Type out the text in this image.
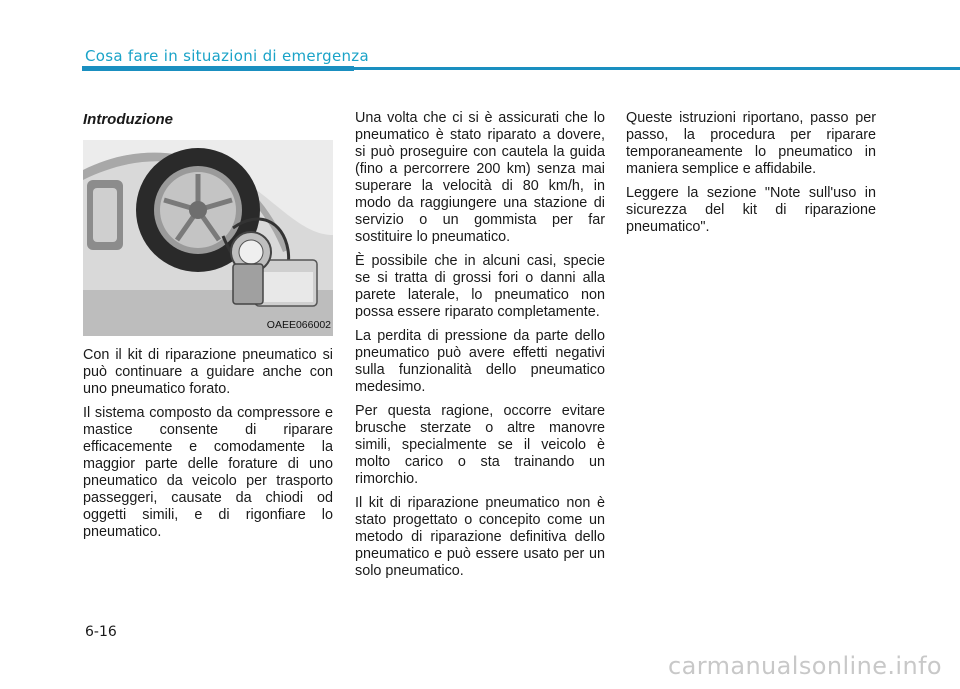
Cosa fare in situazioni di emergenza
Introduzione
OAEE066002

Con il kit di riparazione pneumatico si può continuare a guidare anche con uno pneumatico forato.

Il sistema composto da compressore e mastice consente di riparare efficacemente e comodamente la maggior parte delle forature di uno pneumatico da veicolo per trasporto passeggeri, causate da chiodi od oggetti simili, e di rigonfiare lo pneumatico.

Una volta che ci si è assicurati che lo pneumatico è stato riparato a dovere, si può proseguire con cautela la guida (fino a percorrere 200 km) senza mai superare la velocità di 80 km/h, in modo da raggiungere una stazione di servizio o un gommista per far sostituire lo pneumatico.

È possibile che in alcuni casi, specie se si tratta di grossi fori o danni alla parete laterale, lo pneumatico non possa essere riparato completamente.

La perdita di pressione da parte dello pneumatico può avere effetti negativi sulla funzionalità dello pneumatico medesimo.

Per questa ragione, occorre evitare brusche sterzate o altre manovre simili, specialmente se il veicolo è molto carico o sta trainando un rimorchio.

Il kit di riparazione pneumatico non è stato progettato o concepito come un metodo di riparazione definitiva dello pneumatico e può essere usato per un solo pneumatico.

Queste istruzioni riportano, passo per passo, la procedura per riparare temporaneamente lo pneumatico in maniera semplice e affidabile.

Leggere la sezione "Note sull'uso in sicurezza del kit di riparazione pneumatico".

6-16
carmanualsonline.info
